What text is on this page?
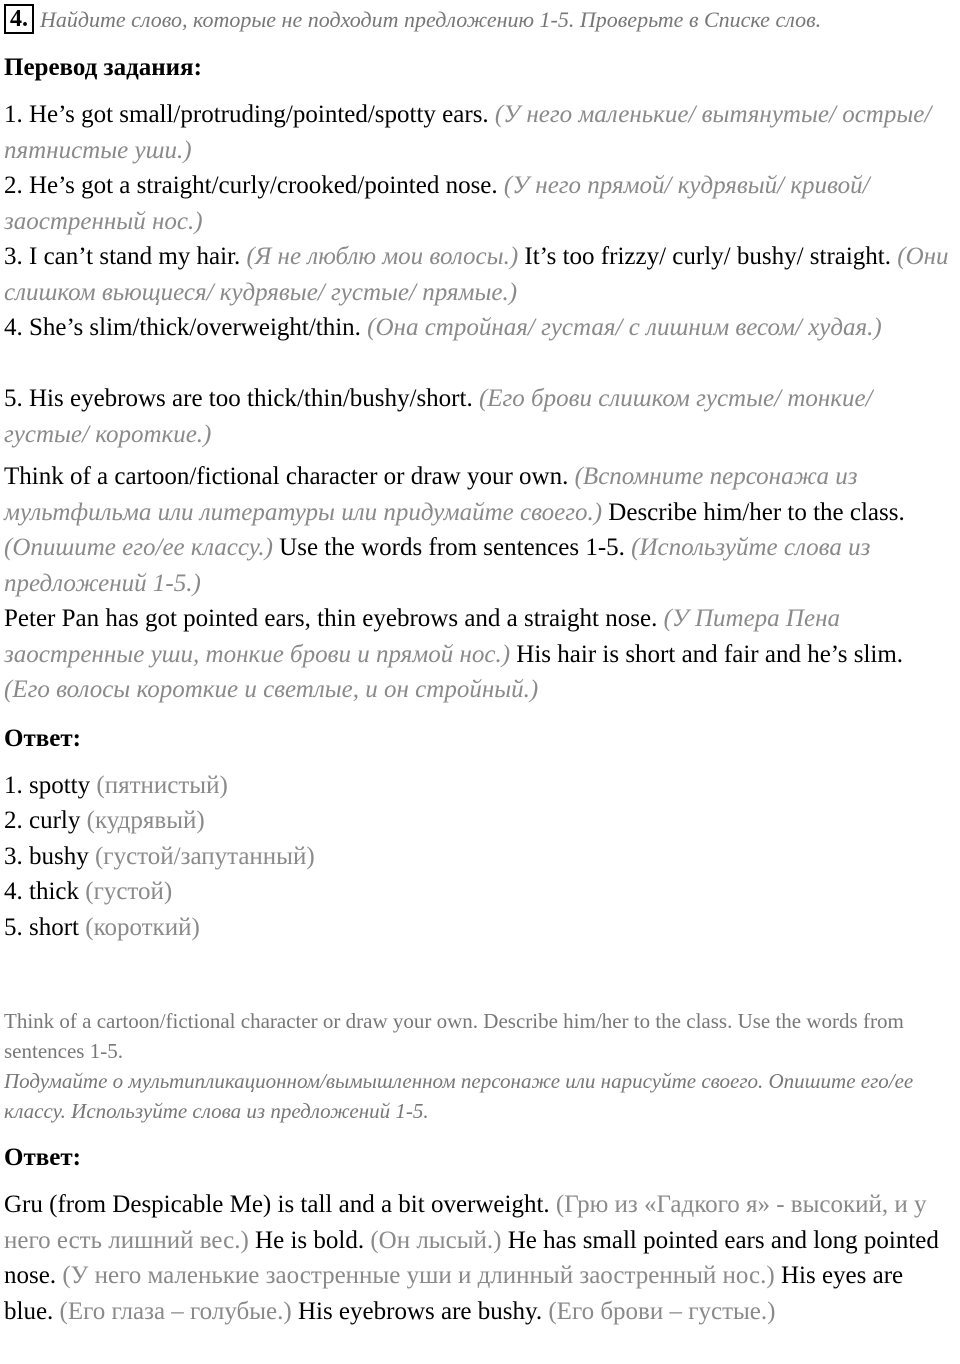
4. Найдите слово, которые не подходит предложению 1-5. Проверьте в Списке слов.
Перевод задания:
1. He’s got small/protruding/pointed/spotty ears. (У него маленькие/ вытянутые/ острые/ пятнистые уши.)
2. He’s got a straight/curly/crooked/pointed nose. (У него прямой/ кудрявый/ кривой/ заостренный нос.)
3. I can’t stand my hair. (Я не люблю мои волосы.) It’s too frizzy/ curly/ bushy/ straight. (Они слишком вьющиеся/ кудрявые/ густые/ прямые.)
4. She’s slim/thick/overweight/thin. (Она стройная/ густая/ с лишним весом/ худая.)
5. His eyebrows are too thick/thin/bushy/short. (Его брови слишком густые/ тонкие/ густые/ короткие.)
Think of a cartoon/fictional character or draw your own. (Вспомните персонажа из мультфильма или литературы или придумайте своего.) Describe him/her to the class. (Опишите его/ее классу.) Use the words from sentences 1-5. (Используйте слова из предложений 1-5.)
Peter Pan has got pointed ears, thin eyebrows and a straight nose. (У Питера Пена заостренные уши, тонкие брови и прямой нос.) His hair is short and fair and he’s slim. (Его волосы короткие и светлые, и он стройный.)
Ответ:
1. spotty (пятнистый)
2. curly (кудрявый)
3. bushy (густой/запутанный)
4. thick (густой)
5. short (короткий)
Think of a cartoon/fictional character or draw your own. Describe him/her to the class. Use the words from sentences 1-5.
Подумайте о мультипликационном/вымышленном персонаже или нарисуйте своего. Опишите его/ее классу. Используйте слова из предложений 1-5.
Ответ:
Gru (from Despicable Me) is tall and a bit overweight. (Грю из «Гадкого я» - высокий, и у него есть лишний вес.) He is bold. (Он лысый.) He has small pointed ears and long pointed nose. (У него маленькие заостренные уши и длинный заостренный нос.) His eyes are blue. (Его глаза – голубые.) His eyebrows are bushy. (Его брови – густые.)
